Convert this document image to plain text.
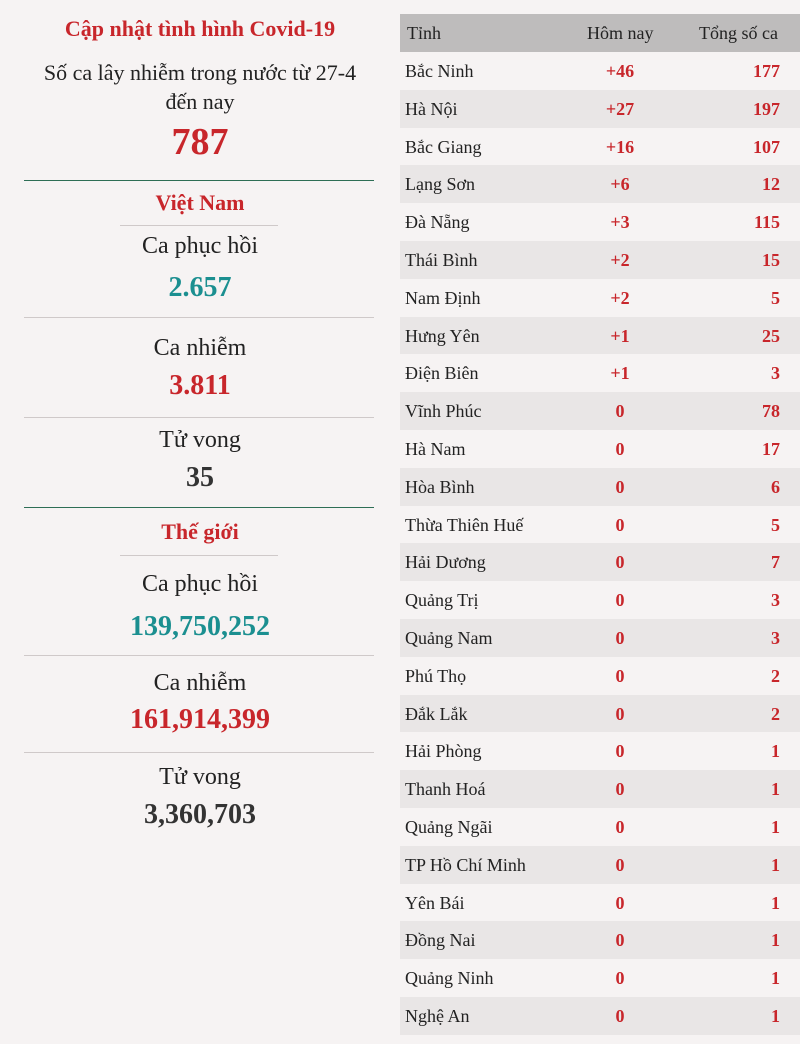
Cập nhật tình hình Covid-19
Số ca lây nhiễm trong nước từ 27-4 đến nay
787
Việt Nam
Ca phục hồi
2.657
Ca nhiễm
3.811
Tử vong
35
Thế giới
Ca phục hồi
139,750,252
Ca nhiễm
161,914,399
Tử vong
3,360,703
Tỉnh	Hôm nay	Tổng số ca
Bắc Ninh	+46	177
Hà Nội	+27	197
Bắc Giang	+16	107
Lạng Sơn	+6	12
Đà Nẵng	+3	115
Thái Bình	+2	15
Nam Định	+2	5
Hưng Yên	+1	25
Điện Biên	+1	3
Vĩnh Phúc	0	78
Hà Nam	0	17
Hòa Bình	0	6
Thừa Thiên Huế	0	5
Hải Dương	0	7
Quảng Trị	0	3
Quảng Nam	0	3
Phú Thọ	0	2
Đắk Lắk	0	2
Hải Phòng	0	1
Thanh Hoá	0	1
Quảng Ngãi	0	1
TP Hồ Chí Minh	0	1
Yên Bái	0	1
Đồng Nai	0	1
Quảng Ninh	0	1
Nghệ An	0	1
